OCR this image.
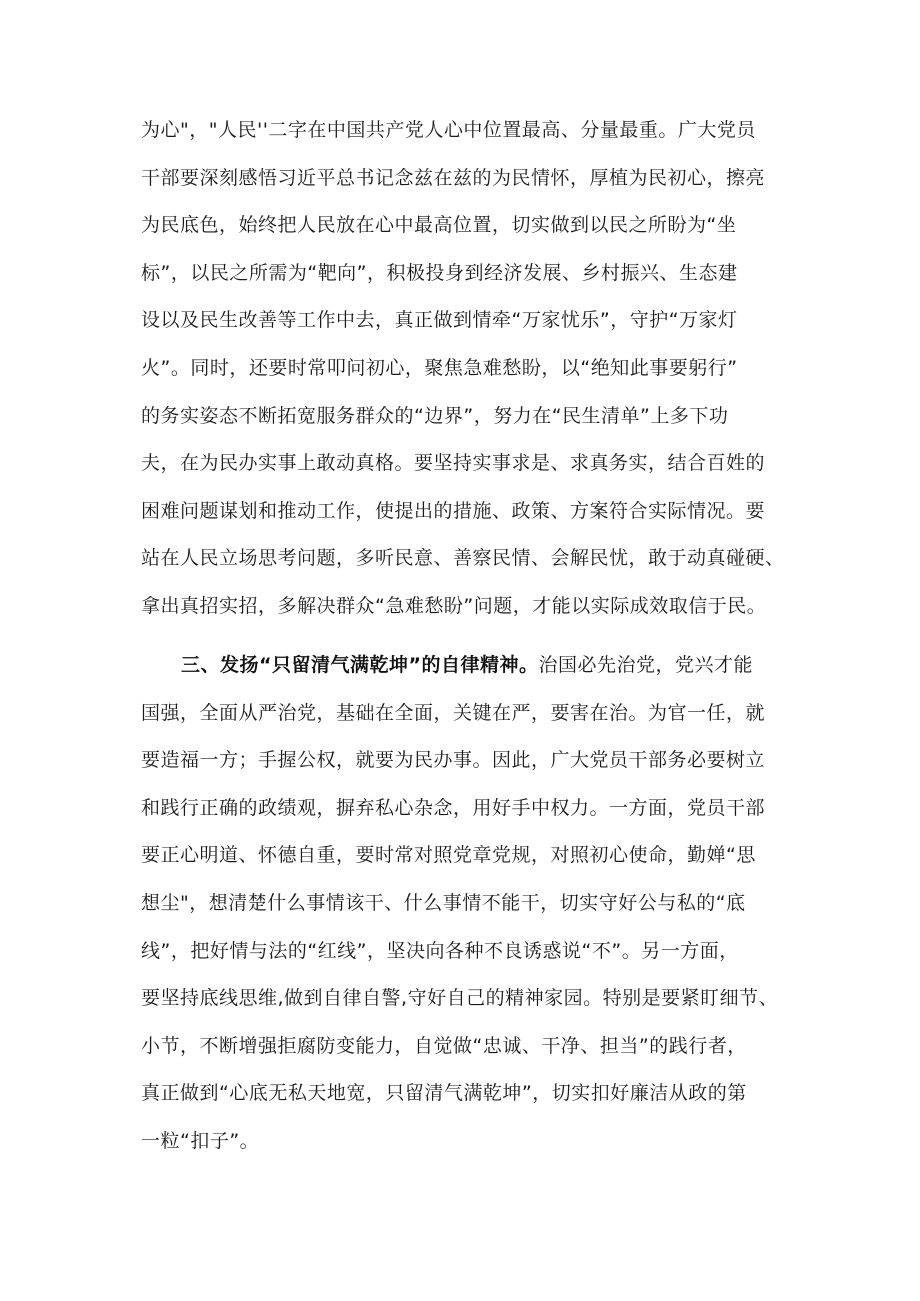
为心"，"人民''二字在中国共产党人心中位置最高、分量最重。广大党员
干部要深刻感悟习近平总书记念兹在兹的为民情怀，厚植为民初心，擦亮
为民底色，始终把人民放在心中最高位置，切实做到以民之所盼为“坐
标”，以民之所需为“靶向”，积极投身到经济发展、乡村振兴、生态建
设以及民生改善等工作中去，真正做到情牵“万家忧乐”，守护“万家灯
火”。同时，还要时常叩问初心，聚焦急难愁盼，以“绝知此事要躬行”
的务实姿态不断拓宽服务群众的“边界”，努力在“民生清单”上多下功
夫，在为民办实事上敢动真格。要坚持实事求是、求真务实，结合百姓的
困难问题谋划和推动工作，使提出的措施、政策、方案符合实际情况。要
站在人民立场思考问题，多听民意、善察民情、会解民忧，敢于动真碰硬、
拿出真招实招，多解决群众“急难愁盼”问题，才能以实际成效取信于民。
三、发扬“只留清气满乾坤”的自律精神。治国必先治党，党兴才能
国强，全面从严治党，基础在全面，关键在严，要害在治。为官一任，就
要造福一方；手握公权，就要为民办事。因此，广大党员干部务必要树立
和践行正确的政绩观，摒弃私心杂念，用好手中权力。一方面，党员干部
要正心明道、怀德自重，要时常对照党章党规，对照初心使命，勤婵“思
想尘"，想清楚什么事情该干、什么事情不能干，切实守好公与私的“底
线”，把好情与法的“红线”，坚决向各种不良诱惑说“不”。另一方面，
要坚持底线思维,做到自律自警,守好自己的精神家园。特别是要紧盯细节、
小节，不断增强拒腐防变能力，自觉做“忠诚、干净、担当”的践行者，
真正做到“心底无私天地宽，只留清气满乾坤”，切实扣好廉洁从政的第
一粒“扣子”。
